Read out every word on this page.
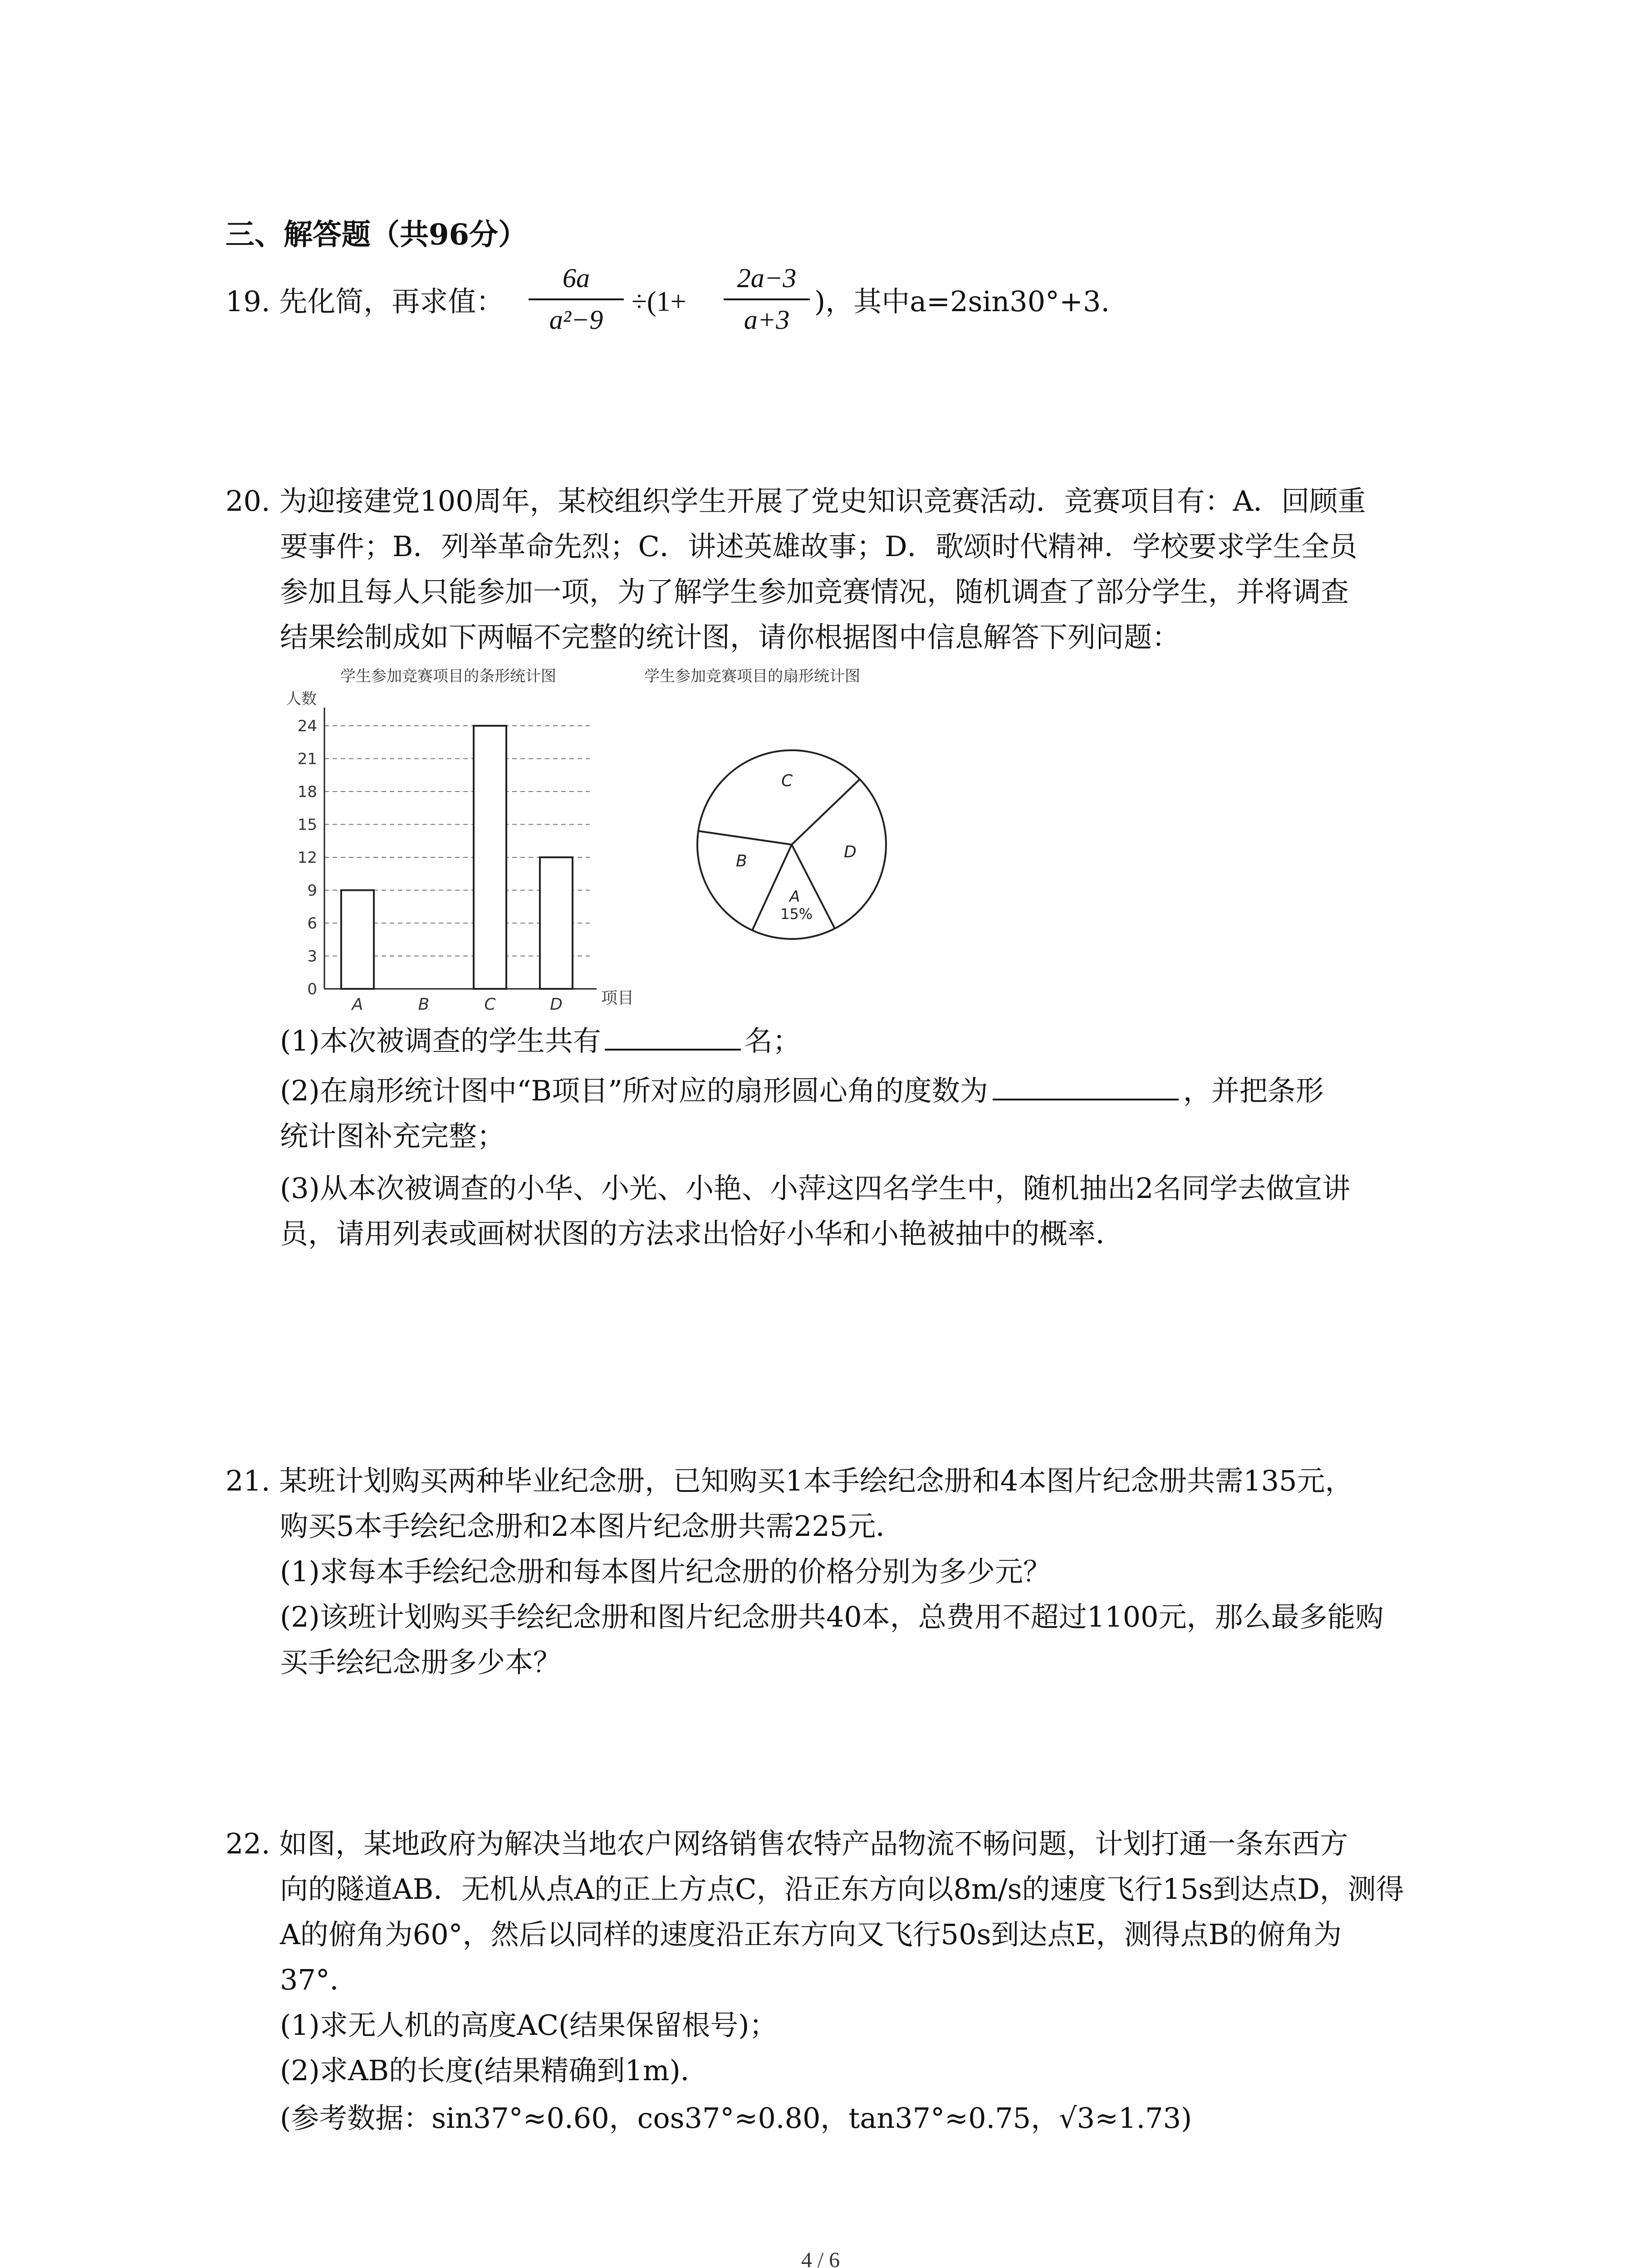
三、解答题（共96分）
19. 先化简，再求值：
6a
a²−9
÷(1+
2a−3
a+3
)，其中a=2sin30°+3.
20. 为迎接建党100周年，某校组织学生开展了党史知识竞赛活动．竞赛项目有：A．回顾重
要事件；B．列举革命先烈；C．讲述英雄故事；D．歌颂时代精神．学校要求学生全员
参加且每人只能参加一项，为了解学生参加竞赛情况，随机调查了部分学生，并将调查
结果绘制成如下两幅不完整的统计图，请你根据图中信息解答下列问题：
学生参加竞赛项目的条形统计图
人数
0
3
6
9
12
15
18
21
24
A	B	C	D 项目
学生参加竞赛项目的扇形统计图
C
B	D
A
15%
(1)本次被调查的学生共有	名；
(2)在扇形统计图中“B项目”所对应的扇形圆心角的度数为	，并把条形
统计图补充完整；
(3)从本次被调查的小华、小光、小艳、小萍这四名学生中，随机抽出2名同学去做宣讲
员，请用列表或画树状图的方法求出恰好小华和小艳被抽中的概率．
21. 某班计划购买两种毕业纪念册，已知购买1本手绘纪念册和4本图片纪念册共需135元，
购买5本手绘纪念册和2本图片纪念册共需225元．
(1)求每本手绘纪念册和每本图片纪念册的价格分别为多少元？
(2)该班计划购买手绘纪念册和图片纪念册共40本，总费用不超过1100元，那么最多能购
买手绘纪念册多少本？
22. 如图，某地政府为解决当地农户网络销售农特产品物流不畅问题，计划打通一条东西方
向的隧道AB．无机从点A的正上方点C，沿正东方向以8m/s的速度飞行15s到达点D，测得
A的俯角为60°，然后以同样的速度沿正东方向又飞行50s到达点E，测得点B的俯角为
37°．
(1)求无人机的高度AC(结果保留根号)；
(2)求AB的长度(结果精确到1m)．
(参考数据：sin37°≈0.60，cos37°≈0.80，tan37°≈0.75，√3≈1.73)
4 / 6
